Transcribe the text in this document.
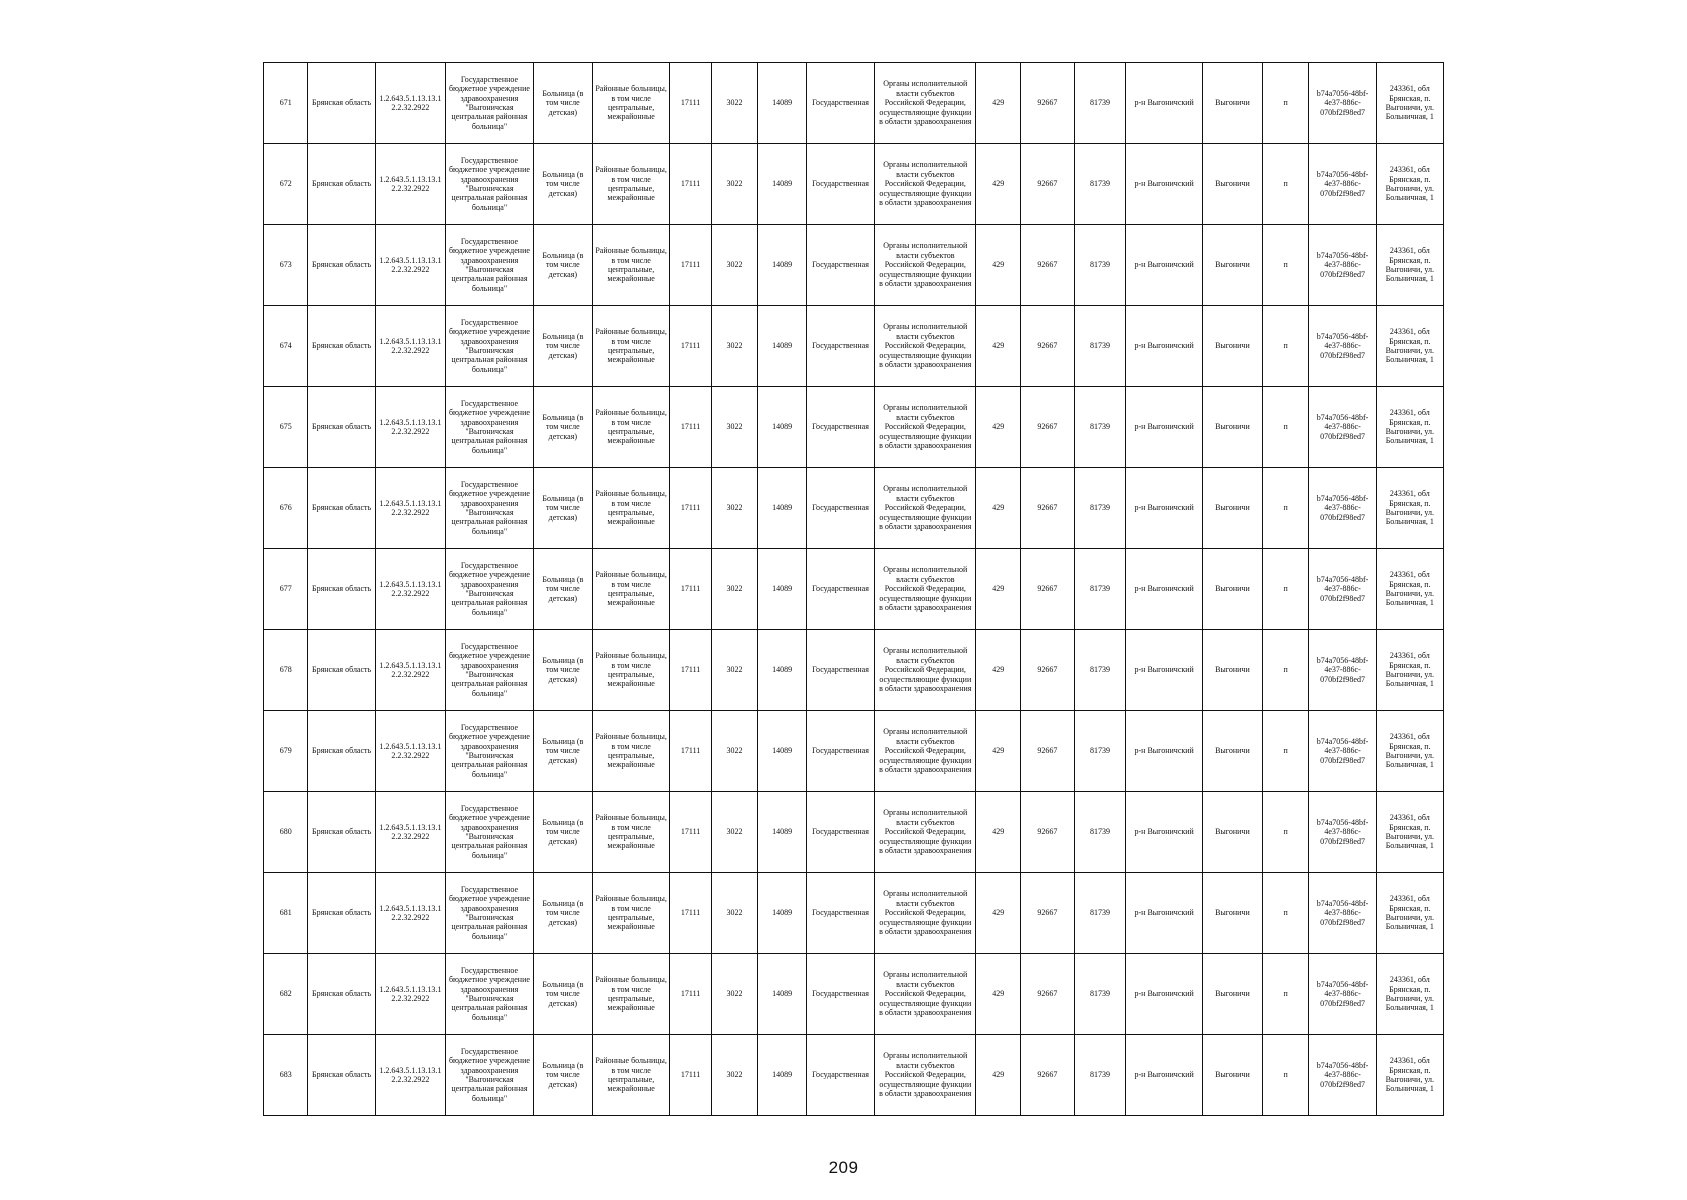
671	Брянская область	1.2.643.5.1.13.13.12.2.32.2922	Государственное бюджетное учреждение здравоохранения "Выгоничская центральная районная больница"	Больница (в том числе детская)	Районные больницы, в том числе центральные, межрайонные	17111	3022	14089	Государственная	Органы исполнительной власти субъектов Российской Федерации, осуществляющие функции в области здравоохранения	429	92667	81739	р-н Выгоничский	Выгоничи	п	b74a7056-48bf-4e37-886c-070bf2f98ed7	243361, обл Брянская, п. Выгоничи, ул. Больничная, 1
672	Брянская область	1.2.643.5.1.13.13.12.2.32.2922	Государственное бюджетное учреждение здравоохранения "Выгоничская центральная районная больница"	Больница (в том числе детская)	Районные больницы, в том числе центральные, межрайонные	17111	3022	14089	Государственная	Органы исполнительной власти субъектов Российской Федерации, осуществляющие функции в области здравоохранения	429	92667	81739	р-н Выгоничский	Выгоничи	п	b74a7056-48bf-4e37-886c-070bf2f98ed7	243361, обл Брянская, п. Выгоничи, ул. Больничная, 1
673	Брянская область	1.2.643.5.1.13.13.12.2.32.2922	Государственное бюджетное учреждение здравоохранения "Выгоничская центральная районная больница"	Больница (в том числе детская)	Районные больницы, в том числе центральные, межрайонные	17111	3022	14089	Государственная	Органы исполнительной власти субъектов Российской Федерации, осуществляющие функции в области здравоохранения	429	92667	81739	р-н Выгоничский	Выгоничи	п	b74a7056-48bf-4e37-886c-070bf2f98ed7	243361, обл Брянская, п. Выгоничи, ул. Больничная, 1
674	Брянская область	1.2.643.5.1.13.13.12.2.32.2922	Государственное бюджетное учреждение здравоохранения "Выгоничская центральная районная больница"	Больница (в том числе детская)	Районные больницы, в том числе центральные, межрайонные	17111	3022	14089	Государственная	Органы исполнительной власти субъектов Российской Федерации, осуществляющие функции в области здравоохранения	429	92667	81739	р-н Выгоничский	Выгоничи	п	b74a7056-48bf-4e37-886c-070bf2f98ed7	243361, обл Брянская, п. Выгоничи, ул. Больничная, 1
675	Брянская область	1.2.643.5.1.13.13.12.2.32.2922	Государственное бюджетное учреждение здравоохранения "Выгоничская центральная районная больница"	Больница (в том числе детская)	Районные больницы, в том числе центральные, межрайонные	17111	3022	14089	Государственная	Органы исполнительной власти субъектов Российской Федерации, осуществляющие функции в области здравоохранения	429	92667	81739	р-н Выгоничский	Выгоничи	п	b74a7056-48bf-4e37-886c-070bf2f98ed7	243361, обл Брянская, п. Выгоничи, ул. Больничная, 1
676	Брянская область	1.2.643.5.1.13.13.12.2.32.2922	Государственное бюджетное учреждение здравоохранения "Выгоничская центральная районная больница"	Больница (в том числе детская)	Районные больницы, в том числе центральные, межрайонные	17111	3022	14089	Государственная	Органы исполнительной власти субъектов Российской Федерации, осуществляющие функции в области здравоохранения	429	92667	81739	р-н Выгоничский	Выгоничи	п	b74a7056-48bf-4e37-886c-070bf2f98ed7	243361, обл Брянская, п. Выгоничи, ул. Больничная, 1
677	Брянская область	1.2.643.5.1.13.13.12.2.32.2922	Государственное бюджетное учреждение здравоохранения "Выгоничская центральная районная больница"	Больница (в том числе детская)	Районные больницы, в том числе центральные, межрайонные	17111	3022	14089	Государственная	Органы исполнительной власти субъектов Российской Федерации, осуществляющие функции в области здравоохранения	429	92667	81739	р-н Выгоничский	Выгоничи	п	b74a7056-48bf-4e37-886c-070bf2f98ed7	243361, обл Брянская, п. Выгоничи, ул. Больничная, 1
678	Брянская область	1.2.643.5.1.13.13.12.2.32.2922	Государственное бюджетное учреждение здравоохранения "Выгоничская центральная районная больница"	Больница (в том числе детская)	Районные больницы, в том числе центральные, межрайонные	17111	3022	14089	Государственная	Органы исполнительной власти субъектов Российской Федерации, осуществляющие функции в области здравоохранения	429	92667	81739	р-н Выгоничский	Выгоничи	п	b74a7056-48bf-4e37-886c-070bf2f98ed7	243361, обл Брянская, п. Выгоничи, ул. Больничная, 1
679	Брянская область	1.2.643.5.1.13.13.12.2.32.2922	Государственное бюджетное учреждение здравоохранения "Выгоничская центральная районная больница"	Больница (в том числе детская)	Районные больницы, в том числе центральные, межрайонные	17111	3022	14089	Государственная	Органы исполнительной власти субъектов Российской Федерации, осуществляющие функции в области здравоохранения	429	92667	81739	р-н Выгоничский	Выгоничи	п	b74a7056-48bf-4e37-886c-070bf2f98ed7	243361, обл Брянская, п. Выгоничи, ул. Больничная, 1
680	Брянская область	1.2.643.5.1.13.13.12.2.32.2922	Государственное бюджетное учреждение здравоохранения "Выгоничская центральная районная больница"	Больница (в том числе детская)	Районные больницы, в том числе центральные, межрайонные	17111	3022	14089	Государственная	Органы исполнительной власти субъектов Российской Федерации, осуществляющие функции в области здравоохранения	429	92667	81739	р-н Выгоничский	Выгоничи	п	b74a7056-48bf-4e37-886c-070bf2f98ed7	243361, обл Брянская, п. Выгоничи, ул. Больничная, 1
681	Брянская область	1.2.643.5.1.13.13.12.2.32.2922	Государственное бюджетное учреждение здравоохранения "Выгоничская центральная районная больница"	Больница (в том числе детская)	Районные больницы, в том числе центральные, межрайонные	17111	3022	14089	Государственная	Органы исполнительной власти субъектов Российской Федерации, осуществляющие функции в области здравоохранения	429	92667	81739	р-н Выгоничский	Выгоничи	п	b74a7056-48bf-4e37-886c-070bf2f98ed7	243361, обл Брянская, п. Выгоничи, ул. Больничная, 1
682	Брянская область	1.2.643.5.1.13.13.12.2.32.2922	Государственное бюджетное учреждение здравоохранения "Выгоничская центральная районная больница"	Больница (в том числе детская)	Районные больницы, в том числе центральные, межрайонные	17111	3022	14089	Государственная	Органы исполнительной власти субъектов Российской Федерации, осуществляющие функции в области здравоохранения	429	92667	81739	р-н Выгоничский	Выгоничи	п	b74a7056-48bf-4e37-886c-070bf2f98ed7	243361, обл Брянская, п. Выгоничи, ул. Больничная, 1
683	Брянская область	1.2.643.5.1.13.13.12.2.32.2922	Государственное бюджетное учреждение здравоохранения "Выгоничская центральная районная больница"	Больница (в том числе детская)	Районные больницы, в том числе центральные, межрайонные	17111	3022	14089	Государственная	Органы исполнительной власти субъектов Российской Федерации, осуществляющие функции в области здравоохранения	429	92667	81739	р-н Выгоничский	Выгоничи	п	b74a7056-48bf-4e37-886c-070bf2f98ed7	243361, обл Брянская, п. Выгоничи, ул. Больничная, 1
209
